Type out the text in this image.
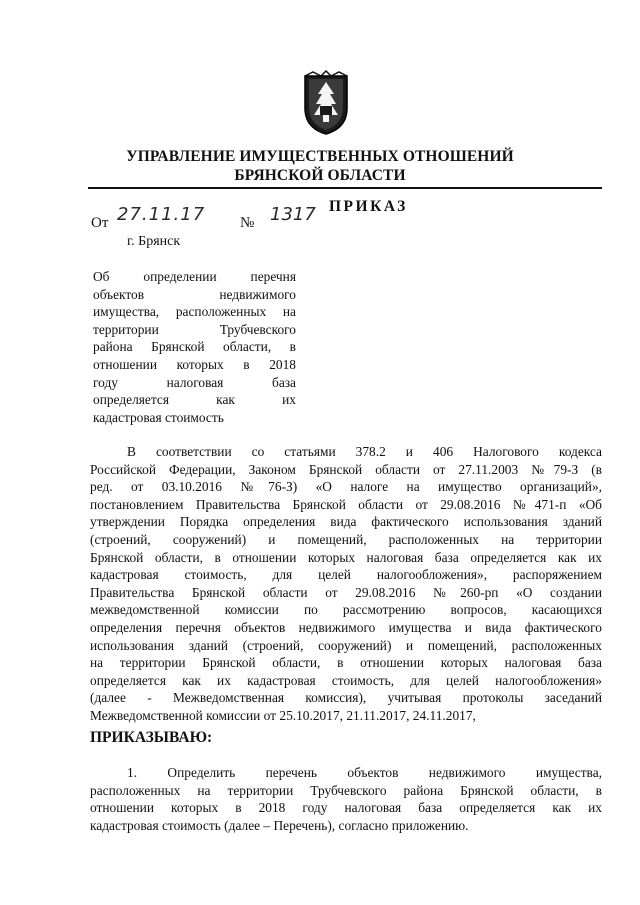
УПРАВЛЕНИЕ ИМУЩЕСТВЕННЫХ ОТНОШЕНИЙ
БРЯНСКОЙ ОБЛАСТИ
ПРИКАЗ
От 27.11.17 № 1317
г. Брянск
Об определении перечня
объектов недвижимого
имущества, расположенных на
территории Трубчевского
района Брянской области, в
отношении которых в 2018
году налоговая база
определяется как их
кадастровая стоимость
В соответствии со статьями 378.2 и 406 Налогового кодекса
Российской Федерации, Законом Брянской области от 27.11.2003 №79-З (в
ред. от 03.10.2016 №76-З) «О налоге на имущество организаций»,
постановлением Правительства Брянской области от 29.08.2016 №471-п «Об
утверждении Порядка определения вида фактического использования зданий
(строений, сооружений) и помещений, расположенных на территории
Брянской области, в отношении которых налоговая база определяется как их
кадастровая стоимость, для целей налогообложения», распоряжением
Правительства Брянской области от 29.08.2016 №260-рп «О создании
межведомственной комиссии по рассмотрению вопросов, касающихся
определения перечня объектов недвижимого имущества и вида фактического
использования зданий (строений, сооружений) и помещений, расположенных
на территории Брянской области, в отношении которых налоговая база
определяется как их кадастровая стоимость, для целей налогообложения»
(далее - Межведомственная комиссия), учитывая протоколы заседаний
Межведомственной комиссии от 25.10.2017, 21.11.2017, 24.11.2017,
ПРИКАЗЫВАЮ:
1. Определить перечень объектов недвижимого имущества,
расположенных на территории Трубчевского района Брянской области, в
отношении которых в 2018 году налоговая база определяется как их
кадастровая стоимость (далее – Перечень), согласно приложению.
